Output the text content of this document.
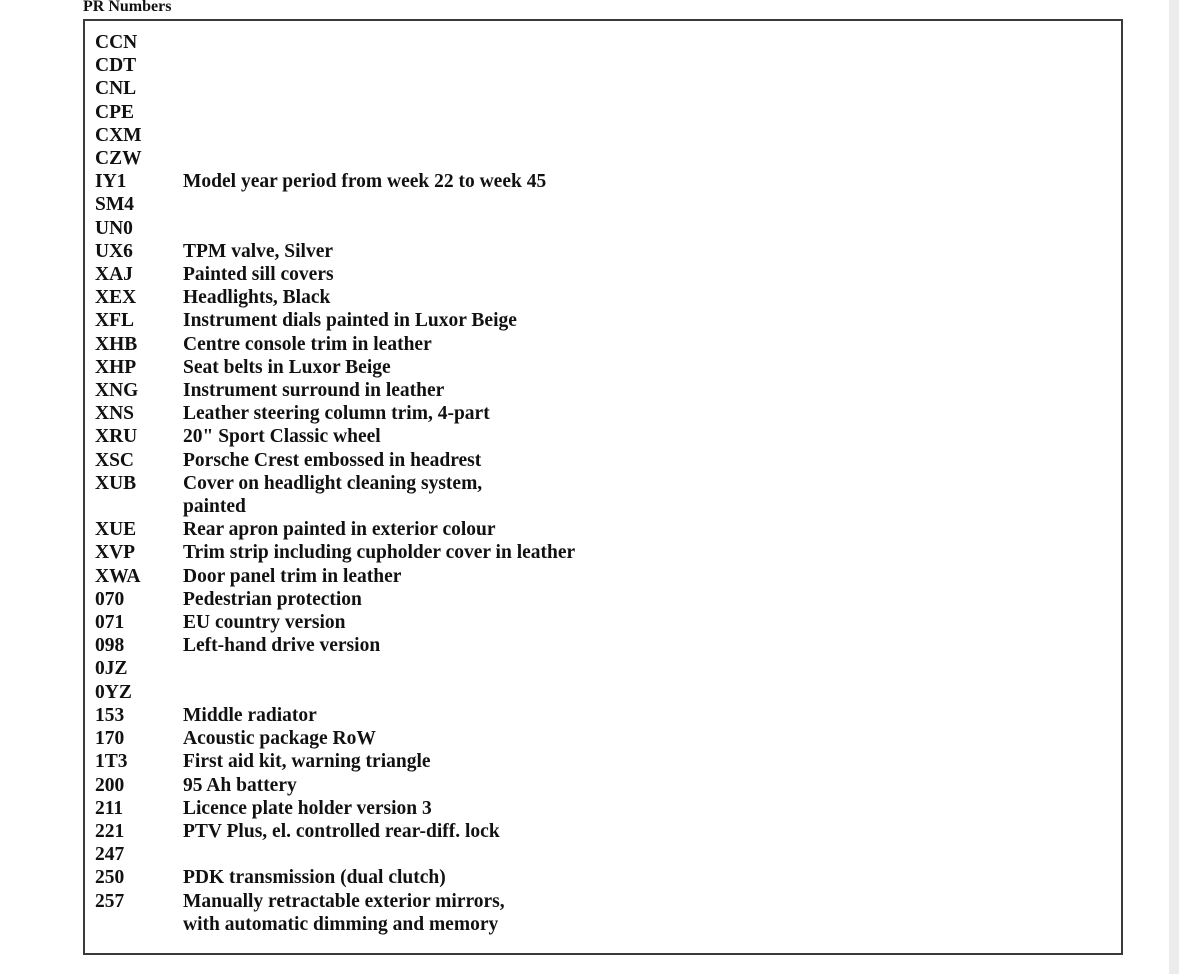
PR Numbers
CCN

CDT

CNL

CPE

CXM

CZW

IY1	Model year period from week 22 to week 45
SM4

UN0

UX6	TPM valve, Silver
XAJ	Painted sill covers
XEX	Headlights, Black
XFL	Instrument dials painted in Luxor Beige
XHB	Centre console trim in leather
XHP	Seat belts in Luxor Beige
XNG	Instrument surround in leather
XNS	Leather steering column trim, 4-part
XRU	20" Sport Classic wheel
XSC	Porsche Crest embossed in headrest
XUB	Cover on headlight cleaning system,
painted
XUE	Rear apron painted in exterior colour
XVP	Trim strip including cupholder cover in leather
XWA	Door panel trim in leather
070	Pedestrian protection
071	EU country version
098	Left-hand drive version
0JZ

0YZ

153	Middle radiator
170	Acoustic package RoW
1T3	First aid kit, warning triangle
200	95 Ah battery
211	Licence plate holder version 3
221	PTV Plus, el. controlled rear-diff. lock
247

250	PDK transmission (dual clutch)
257	Manually retractable exterior mirrors,
with automatic dimming and memory
